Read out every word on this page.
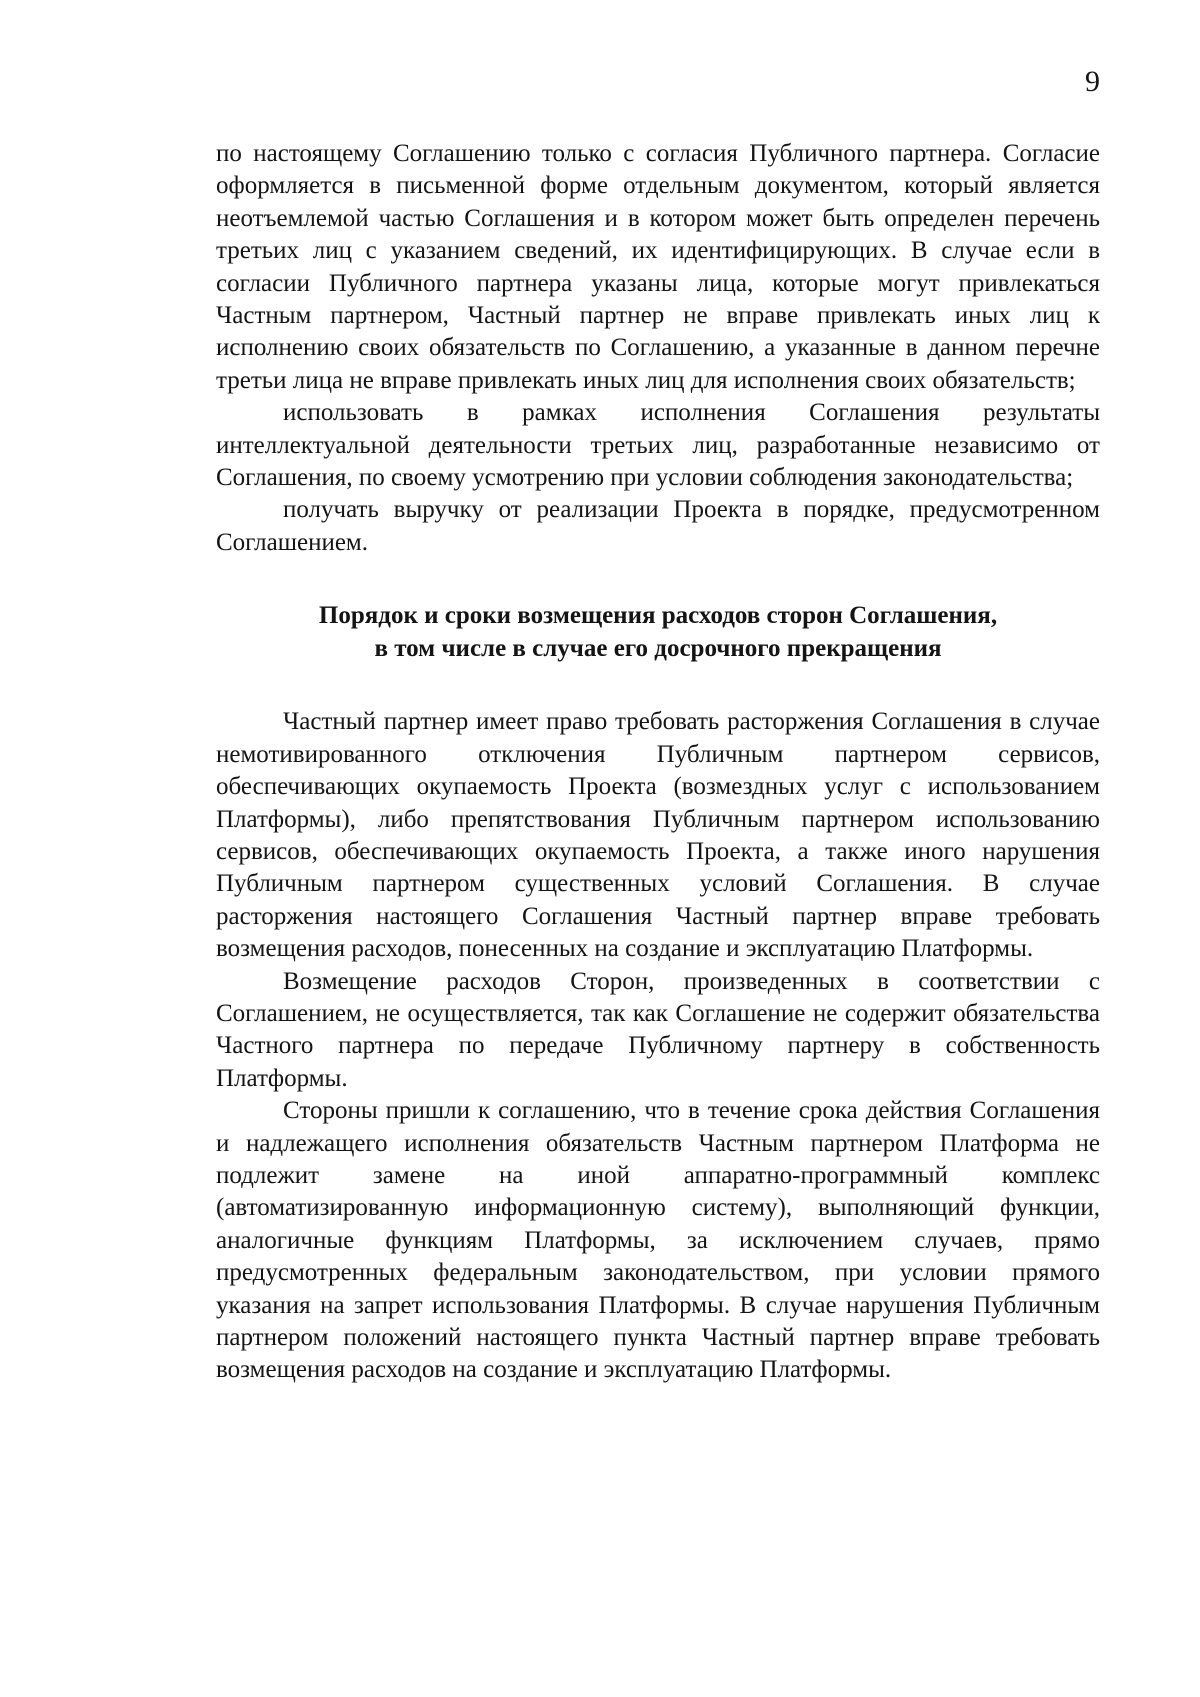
9

по настоящему Соглашению только с согласия Публичного партнера. Согласие оформляется в письменной форме отдельным документом, который является неотъемлемой частью Соглашения и в котором может быть определен перечень третьих лиц с указанием сведений, их идентифицирующих. В случае если в согласии Публичного партнера указаны лица, которые могут привлекаться Частным партнером, Частный партнер не вправе привлекать иных лиц к исполнению своих обязательств по Соглашению, а указанные в данном перечне третьи лица не вправе привлекать иных лиц для исполнения своих обязательств;

использовать в рамках исполнения Соглашения результаты интеллектуальной деятельности третьих лиц, разработанные независимо от Соглашения, по своему усмотрению при условии соблюдения законодательства;

получать выручку от реализации Проекта в порядке, предусмотренном Соглашением.

Порядок и сроки возмещения расходов сторон Соглашения,
в том числе в случае его досрочного прекращения

Частный партнер имеет право требовать расторжения Соглашения в случае немотивированного отключения Публичным партнером сервисов, обеспечивающих окупаемость Проекта (возмездных услуг с использованием Платформы), либо препятствования Публичным партнером использованию сервисов, обеспечивающих окупаемость Проекта, а также иного нарушения Публичным партнером существенных условий Соглашения. В случае расторжения настоящего Соглашения Частный партнер вправе требовать возмещения расходов, понесенных на создание и эксплуатацию Платформы.

Возмещение расходов Сторон, произведенных в соответствии с Соглашением, не осуществляется, так как Соглашение не содержит обязательства Частного партнера по передаче Публичному партнеру в собственность Платформы.

Стороны пришли к соглашению, что в течение срока действия Соглашения и надлежащего исполнения обязательств Частным партнером Платформа не подлежит замене на иной аппаратно-программный комплекс (автоматизированную информационную систему), выполняющий функции, аналогичные функциям Платформы, за исключением случаев, прямо предусмотренных федеральным законодательством, при условии прямого указания на запрет использования Платформы. В случае нарушения Публичным партнером положений настоящего пункта Частный партнер вправе требовать возмещения расходов на создание и эксплуатацию Платформы.
